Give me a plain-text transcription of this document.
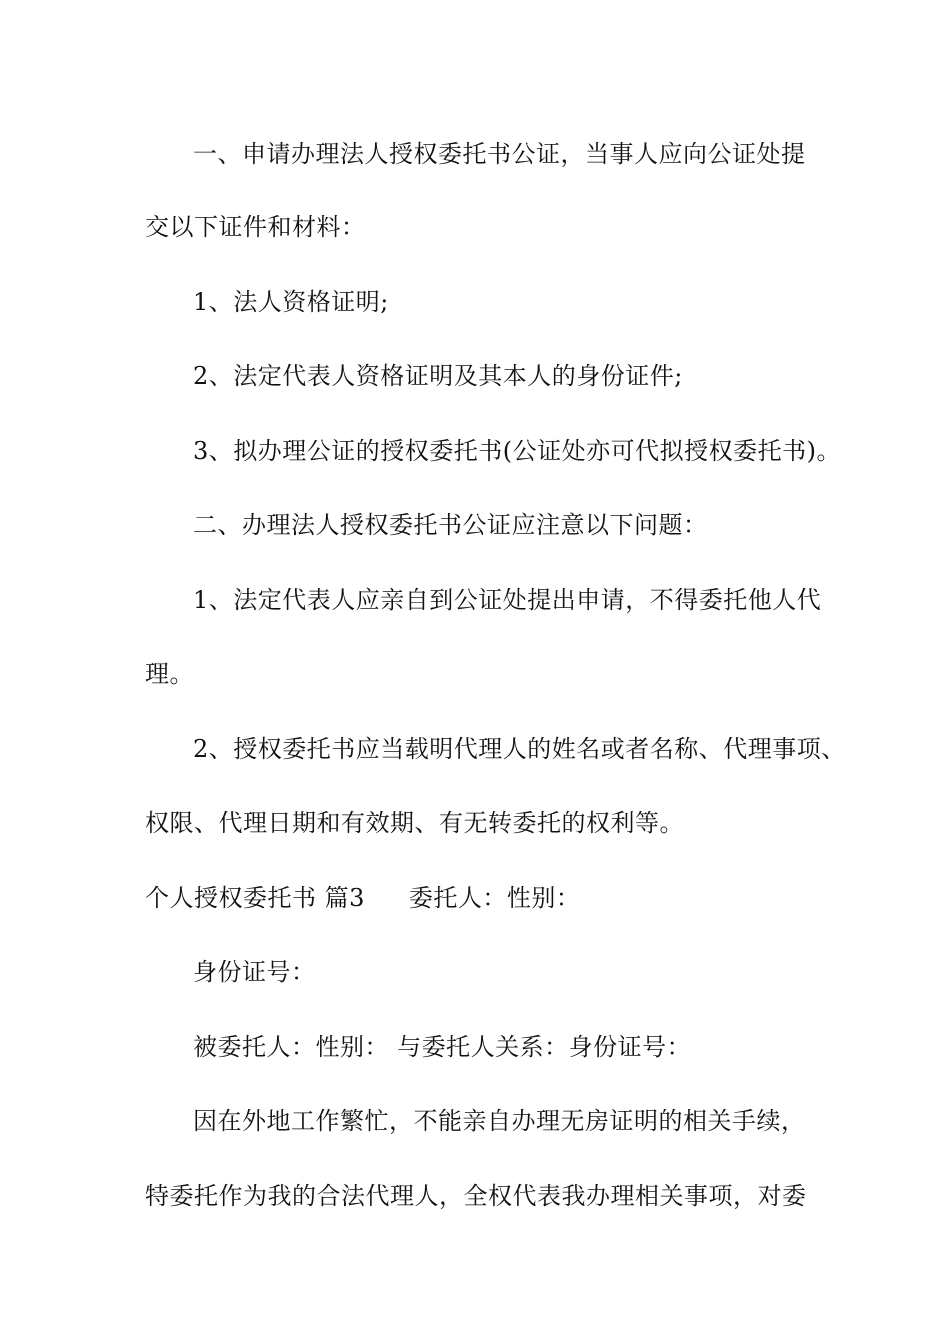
一、申请办理法人授权委托书公证，当事人应向公证处提
交以下证件和材料：
1、法人资格证明;
2、法定代表人资格证明及其本人的身份证件;
3、拟办理公证的授权委托书(公证处亦可代拟授权委托书)。
二、办理法人授权委托书公证应注意以下问题：
1、法定代表人应亲自到公证处提出申请，不得委托他人代
理。
2、授权委托书应当载明代理人的姓名或者名称、代理事项、
权限、代理日期和有效期、有无转委托的权利等。
个人授权委托书 篇3 委托人：性别：
身份证号：
被委托人：性别： 与委托人关系：身份证号：
因在外地工作繁忙，不能亲自办理无房证明的相关手续，
特委托作为我的合法代理人，全权代表我办理相关事项，对委
